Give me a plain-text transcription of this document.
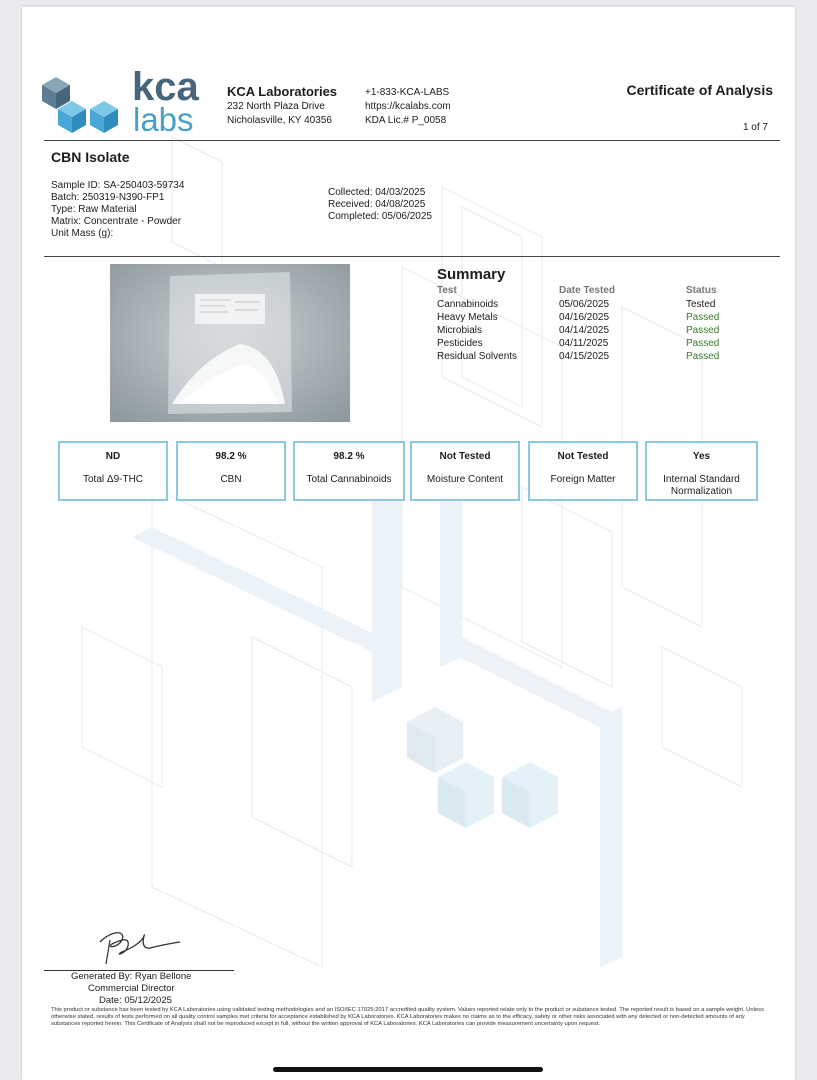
kca
labs
KCA Laboratories
232 North Plaza Drive
Nicholasville, KY 40356
+1-833-KCA-LABS
https://kcalabs.com
KDA Lic.# P_0058
Certificate of Analysis
1 of 7
CBN Isolate
Sample ID: SA-250403-59734
Batch: 250319-N390-FP1
Type: Raw Material
Matrix: Concentrate - Powder
Unit Mass (g):
Collected: 04/03/2025
Received: 04/08/2025
Completed: 05/06/2025
Summary
Test	Date Tested	Status
Cannabinoids	05/06/2025	Tested
Heavy Metals	04/16/2025	Passed
Microbials	04/14/2025	Passed
Pesticides	04/11/2025	Passed
Residual Solvents	04/15/2025	Passed
ND
Total Δ9-THC
98.2 %
CBN
98.2 %
Total Cannabinoids
Not Tested
Moisture Content
Not Tested
Foreign Matter
Yes
Internal Standard Normalization
Generated By: Ryan Bellone
Commercial Director
Date: 05/12/2025
This product or substance has been tested by KCA Laboratories using validated testing methodologies and an ISO/IEC 17025:2017 accredited quality system. Values reported relate only to the product or substance tested. The reported result is based on a sample weight. Unless otherwise stated, results of tests performed on all quality control samples met criteria for acceptance established by KCA Laboratories. KCA Laboratories makes no claims as to the efficacy, safety or other risks associated with any detected or non-detected amounts of any substances reported herein. This Certificate of Analysis shall not be reproduced except in full, without the written approval of KCA Laboratories. KCA Laboratories can provide measurement uncertainty upon request.
